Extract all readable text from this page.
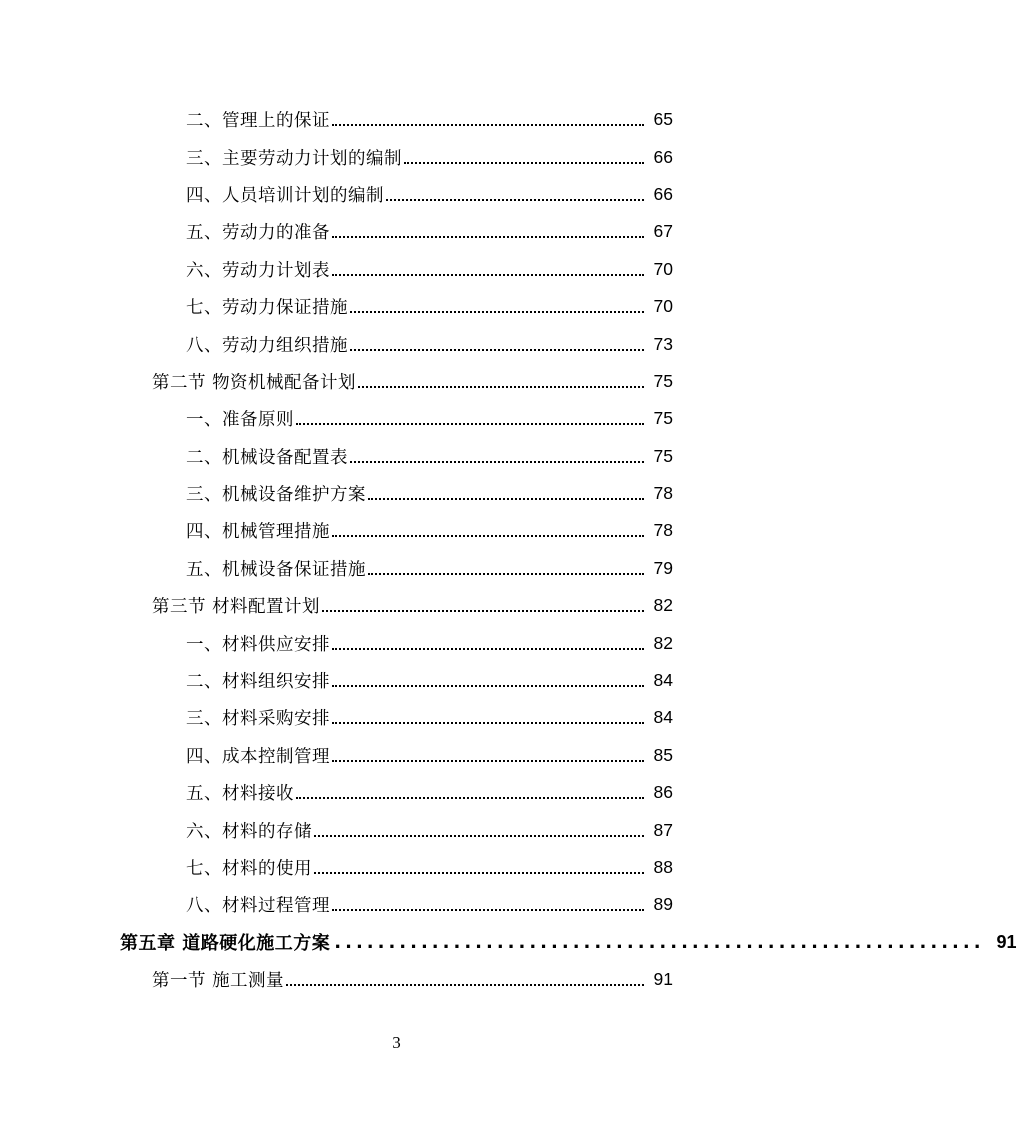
二、管理上的保证	65
三、主要劳动力计划的编制	66
四、人员培训计划的编制	66
五、劳动力的准备	67
六、劳动力计划表	70
七、劳动力保证措施	70
八、劳动力组织措施	73
第二节 物资机械配备计划	75
一、准备原则	75
二、机械设备配置表	75
三、机械设备维护方案	78
四、机械管理措施	78
五、机械设备保证措施	79
第三节 材料配置计划	82
一、材料供应安排	82
二、材料组织安排	84
三、材料采购安排	84
四、成本控制管理	85
五、材料接收	86
六、材料的存储	87
七、材料的使用	88
八、材料过程管理	89
第五章 道路硬化施工方案 ............................................................ 91
第一节 施工测量	91
3
